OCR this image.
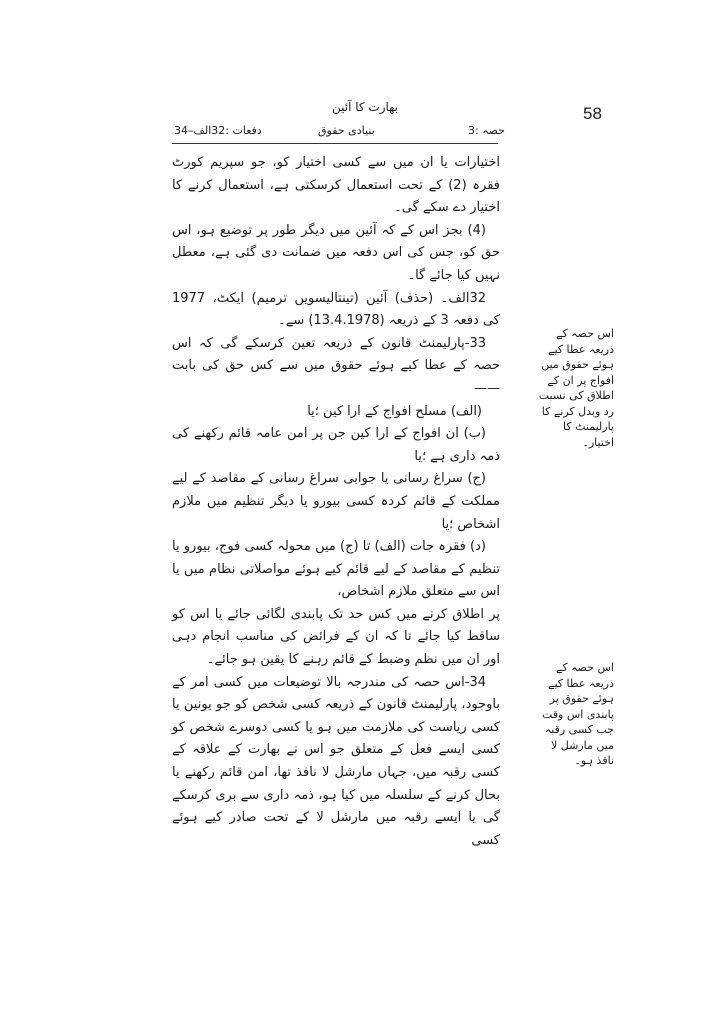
58
بھارت کا آئین
حصہ :3
بنیادی حقوق
دفعات :32الف–34

اختیارات یا ان میں سے کسی اختیار کو، جو سپریم کورٹ فقرہ (2) کے تحت استعمال کرسکتی ہے، استعمال کرنے کا اختیار دے سکے گی۔

(4) بجز اس کے کہ آئین میں دیگر طور پر توضیع ہو، اس حق کو، جس کی اس دفعہ میں ضمانت دی گئی ہے، معطل نہیں کیا جائے گا۔

32الف۔ (حذف) آئین (تینتالیسویں ترمیم) ایکٹ، 1977 کی دفعہ 3 کے ذریعہ (13.4.1978) سے۔

33-پارلیمنٹ قانون کے ذریعہ تعین کرسکے گی کہ اس حصہ کے عطا کیے ہوئے حقوق میں سے کس حق کی بابت ——

(الف) مسلح افواج کے ارا کین ؛یا

(ب) ان افواج کے ارا کین جن پر امن عامہ قائم رکھنے کی ذمہ داری ہے ؛یا

(ج) سراغ رسانی یا جوابی سراغ رسانی کے مقاصد کے لیے مملکت کے قائم کردہ کسی بیورو یا دیگر تنظیم میں ملازم اشخاص ؛یا

(د) فقرہ جات (الف) تا (ج) میں محولہ کسی فوج، بیورو یا تنظیم کے مقاصد کے لیے قائم کیے ہوئے مواصلاتی نظام میں یا اس سے متعلق ملازم اشخاص،

پر اطلاق کرنے میں کس حد تک پابندی لگائی جائے یا اس کو ساقط کیا جائے تا کہ ان کے فرائض کی مناسب انجام دہی اور ان میں نظم وضبط کے قائم رہنے کا یقین ہو جائے۔

34-اس حصہ کی مندرجہ بالا توضیعات میں کسی امر کے باوجود، پارلیمنٹ قانون کے ذریعہ کسی شخص کو جو یونین یا کسی ریاست کی ملازمت میں ہو یا کسی دوسرے شخص کو کسی ایسے فعل کے متعلق جو اس نے بھارت کے علاقہ کے کسی رقبہ میں، جہاں مارشل لا نافذ تھا، امن قائم رکھنے یا بحال کرنے کے سلسلہ میں کیا ہو، ذمہ داری سے بری کرسکے گی یا ایسے رقبہ میں مارشل لا کے تحت صادر کیے ہوئے کسی

اس حصہ کے ذریعہ عطا کیے ہوئے حقوق میں افواج پر ان کے اطلاق کی نسبت رد وبدل کرنے کا پارلیمنٹ کا اختیار۔
اس حصہ کے ذریعہ عطا کیے ہوئے حقوق پر پابندی اس وقت جب کسی رقبہ میں مارشل لا نافذ ہو۔
